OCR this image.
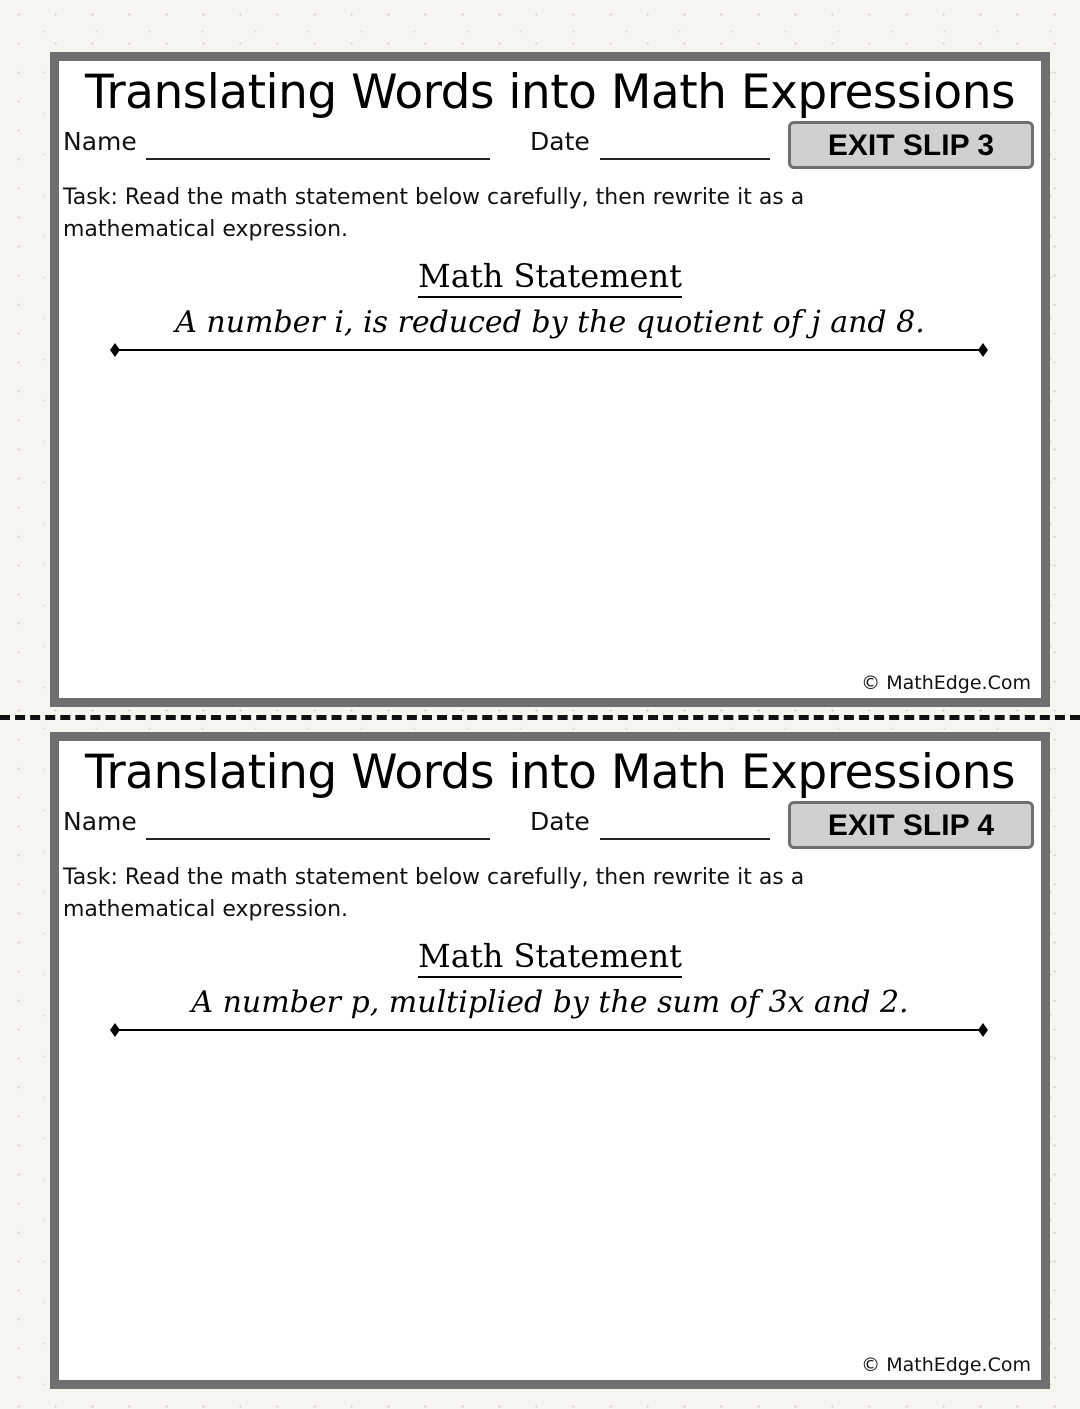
Translating Words into Math Expressions
Name	Date	EXIT SLIP 3
Task: Read the math statement below carefully, then rewrite it as a mathematical expression.
Math Statement
A number i, is reduced by the quotient of j and 8.
© MathEdge.Com
Translating Words into Math Expressions
Name	Date	EXIT SLIP 4
Task: Read the math statement below carefully, then rewrite it as a mathematical expression.
Math Statement
A number p, multiplied by the sum of 3x and 2.
© MathEdge.Com
